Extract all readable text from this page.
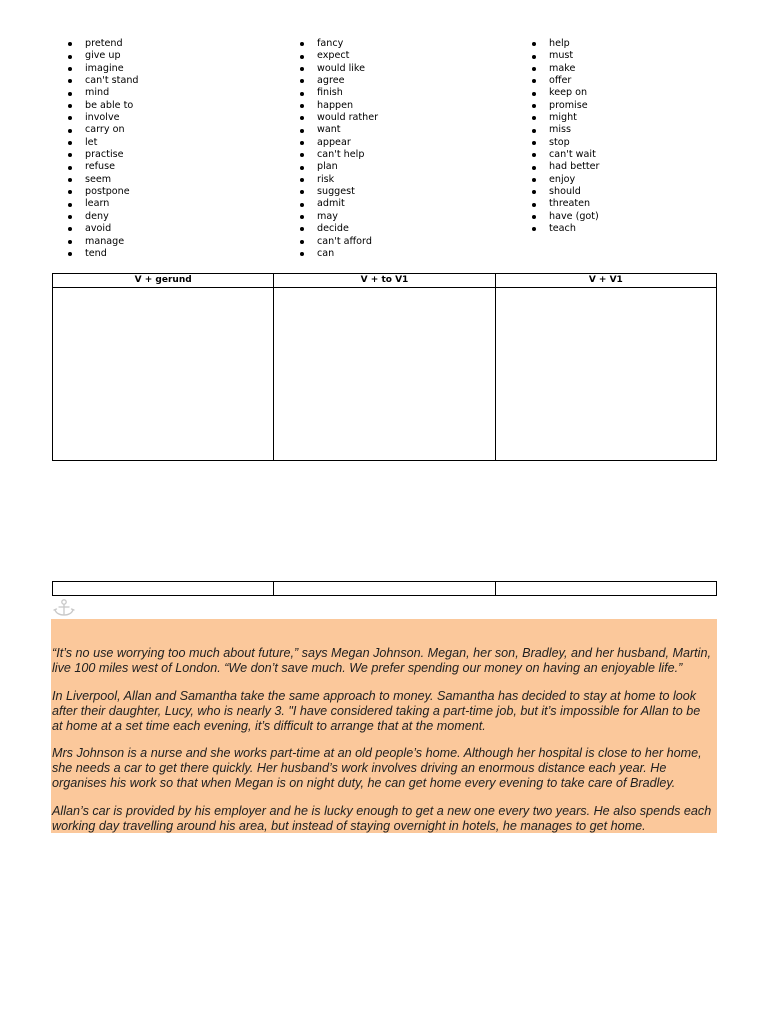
pretend
give up
imagine
can't stand
mind
be able to
involve
carry on
let
practise
refuse
seem
postpone
learn
deny
avoid
manage
tend
fancy
expect
would like
agree
finish
happen
would rather
want
appear
can't help
plan
risk
suggest
admit
may
decide
can't afford
can
help
must
make
offer
keep on
promise
might
miss
stop
can't wait
had better
enjoy
should
threaten
have (got)
teach
V + gerund	V + to V1	V + V1

“It’s no use worrying too much about future,” says Megan Johnson. Megan, her son, Bradley, and her husband, Martin, live 100 miles west of London. “We don’t save much. We prefer spending our money on having an enjoyable life.”

In Liverpool, Allan and Samantha take the same approach to money. Samantha has decided to stay at home to look after their daughter, Lucy, who is nearly 3. "I have considered taking a part-time job, but it’s impossible for Allan to be at home at a set time each evening, it’s difficult to arrange that at the moment.

Mrs Johnson is a nurse and she works part-time at an old people’s home. Although her hospital is close to her home, she needs a car to get there quickly. Her husband’s work involves driving an enormous distance each year. He organises his work so that when Megan is on night duty, he can get home every evening to take care of Bradley.

Allan’s car is provided by his employer and he is lucky enough to get a new one every two years. He also spends each working day travelling around his area, but instead of staying overnight in hotels, he manages to get home.
